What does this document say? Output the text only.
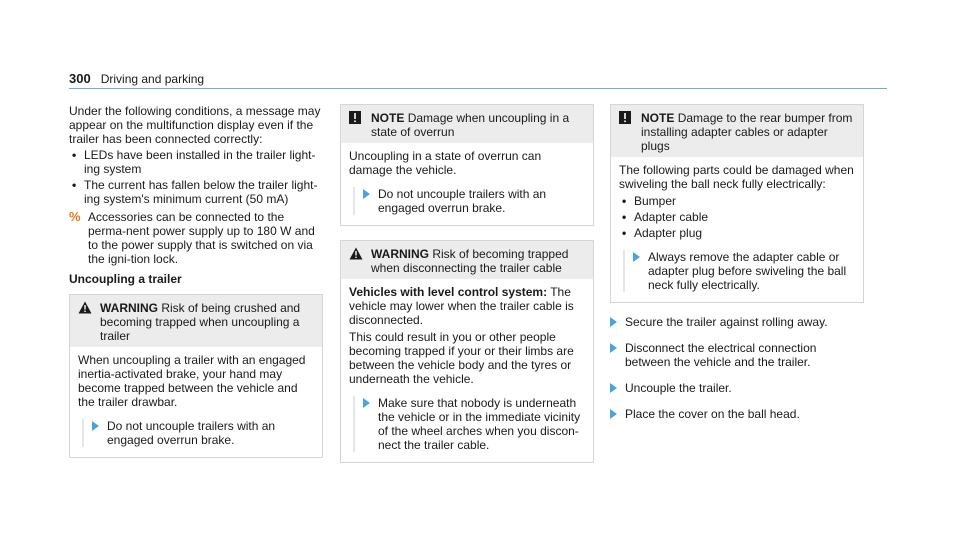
300 Driving and parking

Under the following conditions, a message may appear on the multifunction display even if the trailer has been connected correctly:

• LEDs have been installed in the trailer light-ing system
• The current has fallen below the trailer light-ing system's minimum current (50 mA)
% Accessories can be connected to the perma-nent power supply up to 180 W and to the power supply that is switched on via the igni-tion lock.
Uncoupling a trailer
WARNING Risk of being crushed and becoming trapped when uncoupling a trailer

When uncoupling a trailer with an engaged inertia-activated brake, your hand may become trapped between the vehicle and the trailer drawbar.

Do not uncouple trailers with an engaged overrun brake.
NOTE Damage when uncoupling in a state of overrun

Uncoupling in a state of overrun can damage the vehicle.

Do not uncouple trailers with an engaged overrun brake.
WARNING Risk of becoming trapped when disconnecting the trailer cable

Vehicles with level control system: The vehicle may lower when the trailer cable is disconnected.

This could result in you or other people becoming trapped if your or their limbs are between the vehicle body and the tyres or underneath the vehicle.

Make sure that nobody is underneath the vehicle or in the immediate vicinity of the wheel arches when you discon-nect the trailer cable.
NOTE Damage to the rear bumper from installing adapter cables or adapter plugs

The following parts could be damaged when swiveling the ball neck fully electrically:

• Bumper
• Adapter cable
• Adapter plug
Always remove the adapter cable or adapter plug before swiveling the ball neck fully electrically.
Secure the trailer against rolling away.
Disconnect the electrical connection between the vehicle and the trailer.
Uncouple the trailer.
Place the cover on the ball head.
